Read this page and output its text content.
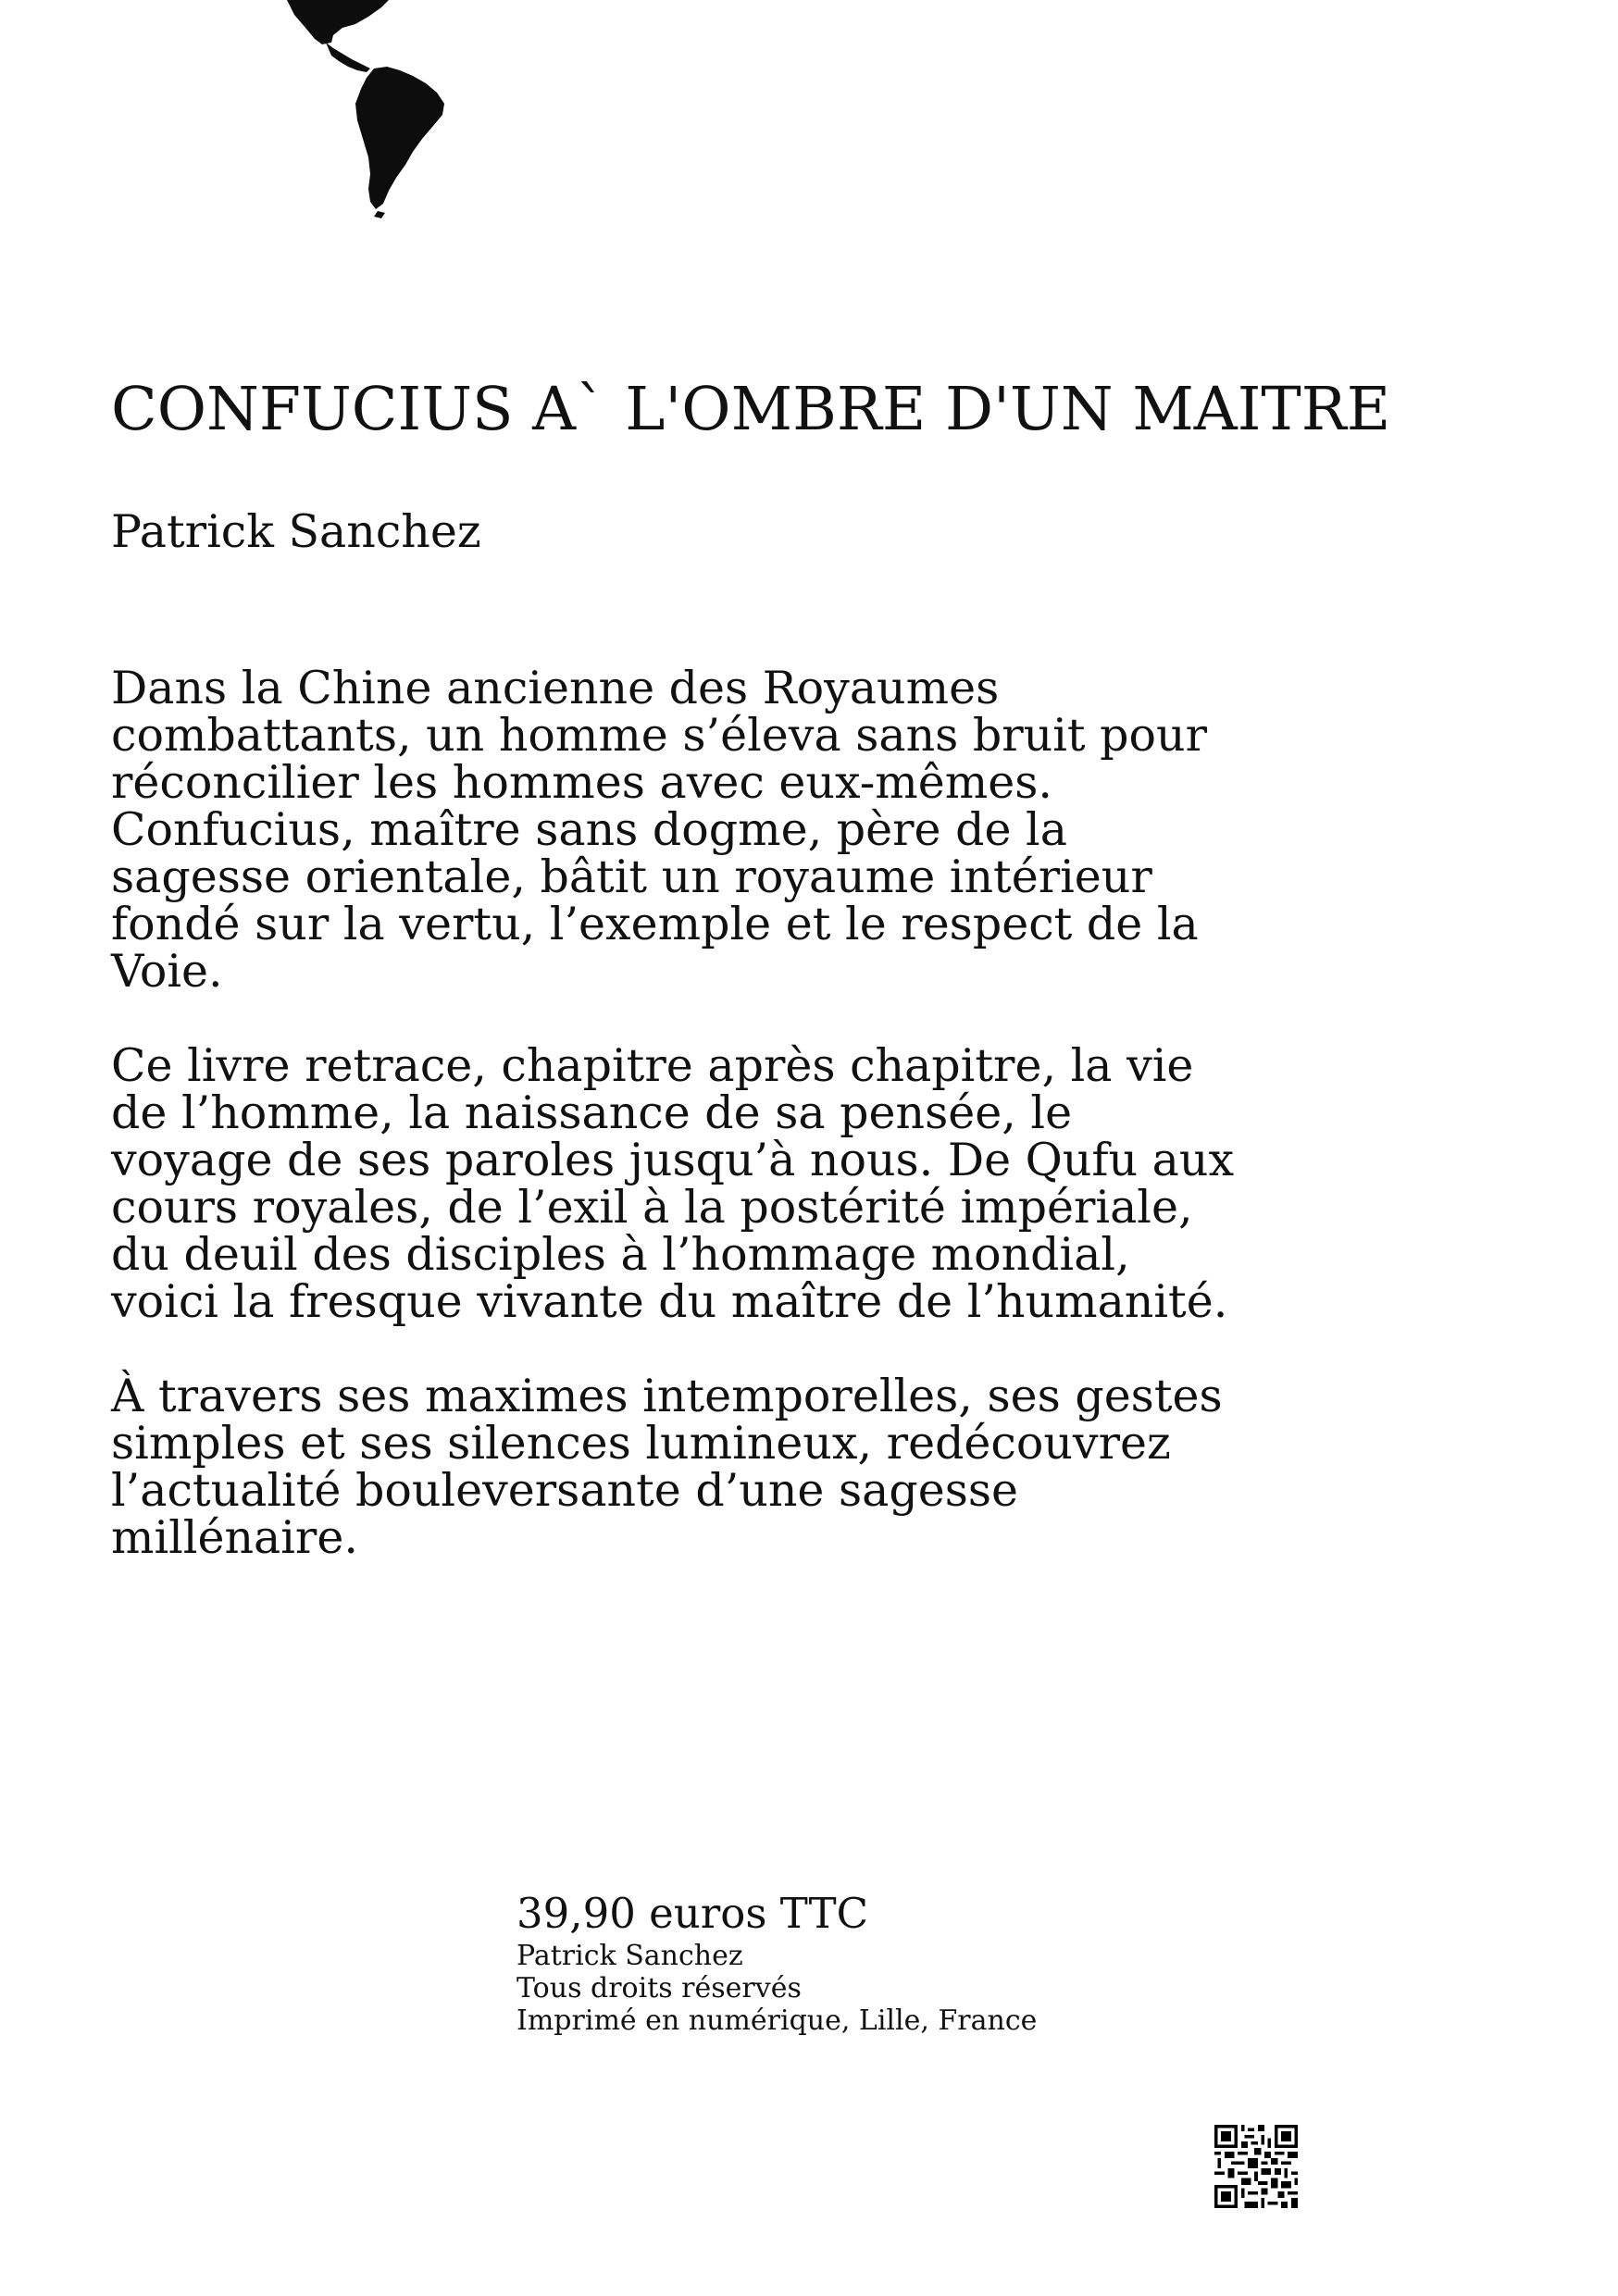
CONFUCIUS A` L'OMBRE D'UN MAITRE

Patrick Sanchez

Dans la Chine ancienne des Royaumes combattants, un homme s’éleva sans bruit pour réconcilier les hommes avec eux-mêmes. Confucius, maître sans dogme, père de la sagesse orientale, bâtit un royaume intérieur fondé sur la vertu, l’exemple et le respect de la Voie.

Ce livre retrace, chapitre après chapitre, la vie de l’homme, la naissance de sa pensée, le voyage de ses paroles jusqu’à nous. De Qufu aux cours royales, de l’exil à la postérité impériale, du deuil des disciples à l’hommage mondial, voici la fresque vivante du maître de l’humanité.

À travers ses maximes intemporelles, ses gestes simples et ses silences lumineux, redécouvrez l’actualité bouleversante d’une sagesse millénaire.

39,90 euros TTC
Patrick Sanchez
Tous droits réservés
Imprimé en numérique, Lille, France
